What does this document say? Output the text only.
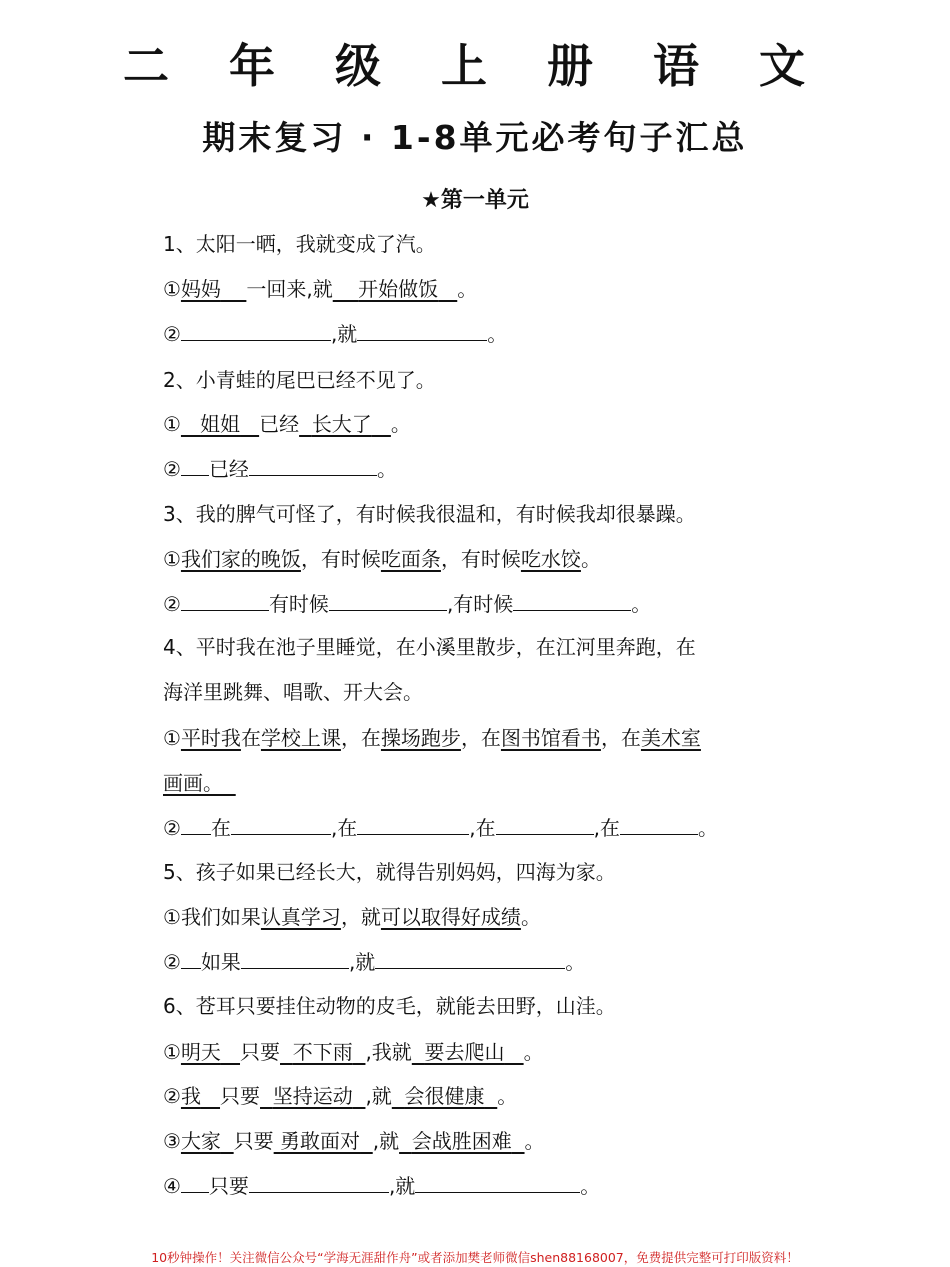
二 年 级 上 册 语 文
期末复习 · 1-8单元必考句子汇总
★第一单元
1、太阳一晒，我就变成了汽。
①妈妈 一回来,就 开始做饭 。
②	,就	。
2、小青蛙的尾巴已经不见了。
① 姐姐 已经 长大了 。
② 已经	。
3、我的脾气可怪了，有时候我很温和，有时候我却很暴躁。
①我们家的晚饭，有时候吃面条，有时候吃水饺。
②	有时候	,有时候	。
4、平时我在池子里睡觉，在小溪里散步，在江河里奔跑，在
海洋里跳舞、唱歌、开大会。
①平时我在学校上课，在操场跑步，在图书馆看书，在美术室
画画。
② 在	,在	,在	,在	。
5、孩子如果已经长大，就得告别妈妈，四海为家。
①我们如果认真学习，就可以取得好成绩。
② 如果	,就	。
6、苍耳只要挂住动物的皮毛，就能去田野，山洼。
①明天 只要 不下雨 ,我就 要去爬山 。
②我 只要 坚持运动 ,就 会很健康 。
③大家 只要 勇敢面对 ,就 会战胜困难 。
④ 只要	,就	。
10秒钟操作！关注微信公众号“学海无涯甜作舟”或者添加樊老师微信shen88168007，免费提供完整可打印版资料！
